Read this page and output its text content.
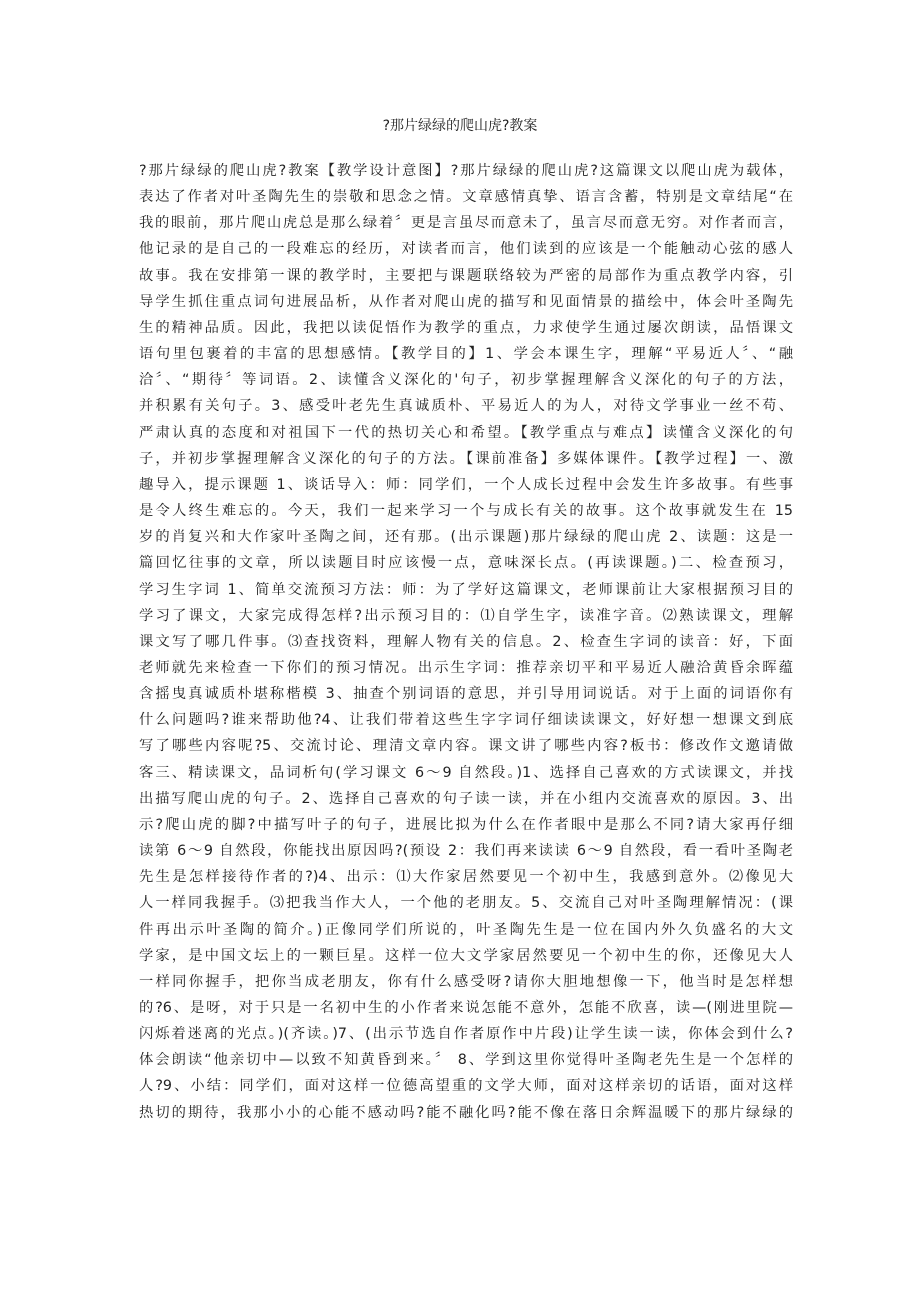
?那片绿绿的爬山虎?教案
?那片绿绿的爬山虎?教案【教学设计意图】?那片绿绿的爬山虎?这篇课文以爬山虎为载体，
表达了作者对叶圣陶先生的崇敬和思念之情。文章感情真挚、语言含蓄，特别是文章结尾“在
我的眼前，那片爬山虎总是那么绿着〞更是言虽尽而意未了，虽言尽而意无穷。对作者而言，
他记录的是自己的一段难忘的经历，对读者而言，他们读到的应该是一个能触动心弦的感人
故事。我在安排第一课的教学时，主要把与课题联络较为严密的局部作为重点教学内容，引
导学生抓住重点词句进展品析，从作者对爬山虎的描写和见面情景的描绘中，体会叶圣陶先
生的精神品质。因此，我把以读促悟作为教学的重点，力求使学生通过屡次朗读，品悟课文
语句里包裹着的丰富的思想感情。【教学目的】1、学会本课生字，理解“平易近人〞、“融
洽〞、“期待〞等词语。2、读懂含义深化的'句子，初步掌握理解含义深化的句子的方法，
并积累有关句子。3、感受叶老先生真诚质朴、平易近人的为人，对待文学事业一丝不苟、
严肃认真的态度和对祖国下一代的热切关心和希望。【教学重点与难点】读懂含义深化的句
子，并初步掌握理解含义深化的句子的方法。【课前准备】多媒体课件。【教学过程】一、激
趣导入，提示课题 1、谈话导入：师：同学们，一个人成长过程中会发生许多故事。有些事
是令人终生难忘的。今天，我们一起来学习一个与成长有关的故事。这个故事就发生在 15
岁的肖复兴和大作家叶圣陶之间，还有那。(出示课题)那片绿绿的爬山虎 2、读题：这是一
篇回忆往事的文章，所以读题目时应该慢一点，意味深长点。(再读课题。)二、检查预习，
学习生字词 1、简单交流预习方法：师：为了学好这篇课文，老师课前让大家根据预习目的
学习了课文，大家完成得怎样?出示预习目的：⑴自学生字，读准字音。⑵熟读课文，理解
课文写了哪几件事。⑶查找资料，理解人物有关的信息。2、检查生字词的读音：好，下面
老师就先来检查一下你们的预习情况。出示生字词：推荐亲切平和平易近人融洽黄昏余晖蕴
含摇曳真诚质朴堪称楷模 3、抽查个别词语的意思，并引导用词说话。对于上面的词语你有
什么问题吗?谁来帮助他?4、让我们带着这些生字字词仔细读读课文，好好想一想课文到底
写了哪些内容呢?5、交流讨论、理清文章内容。课文讲了哪些内容?板书：修改作文邀请做
客三、精读课文，品词析句(学习课文 6～9 自然段。)1、选择自己喜欢的方式读课文，并找
出描写爬山虎的句子。2、选择自己喜欢的句子读一读，并在小组内交流喜欢的原因。3、出
示?爬山虎的脚?中描写叶子的句子，进展比拟为什么在作者眼中是那么不同?请大家再仔细
读第 6～9 自然段，你能找出原因吗?(预设 2：我们再来读读 6～9 自然段，看一看叶圣陶老
先生是怎样接待作者的?)4、出示：⑴大作家居然要见一个初中生，我感到意外。⑵像见大
人一样同我握手。⑶把我当作大人，一个他的老朋友。5、交流自己对叶圣陶理解情况：(课
件再出示叶圣陶的简介。)正像同学们所说的，叶圣陶先生是一位在国内外久负盛名的大文
学家，是中国文坛上的一颗巨星。这样一位大文学家居然要见一个初中生的你，还像见大人
一样同你握手，把你当成老朋友，你有什么感受呀?请你大胆地想像一下，他当时是怎样想
的?6、是呀，对于只是一名初中生的小作者来说怎能不意外，怎能不欣喜，读—(刚进里院—
闪烁着迷离的光点。)(齐读。)7、(出示节选自作者原作中片段)让学生读一读，你体会到什么?
体会朗读“他亲切中—以致不知黄昏到来。〞 8、学到这里你觉得叶圣陶老先生是一个怎样的
人?9、小结：同学们，面对这样一位德高望重的文学大师，面对这样亲切的话语，面对这样
热切的期待，我那小小的心能不感动吗?能不融化吗?能不像在落日余辉温暖下的那片绿绿的
